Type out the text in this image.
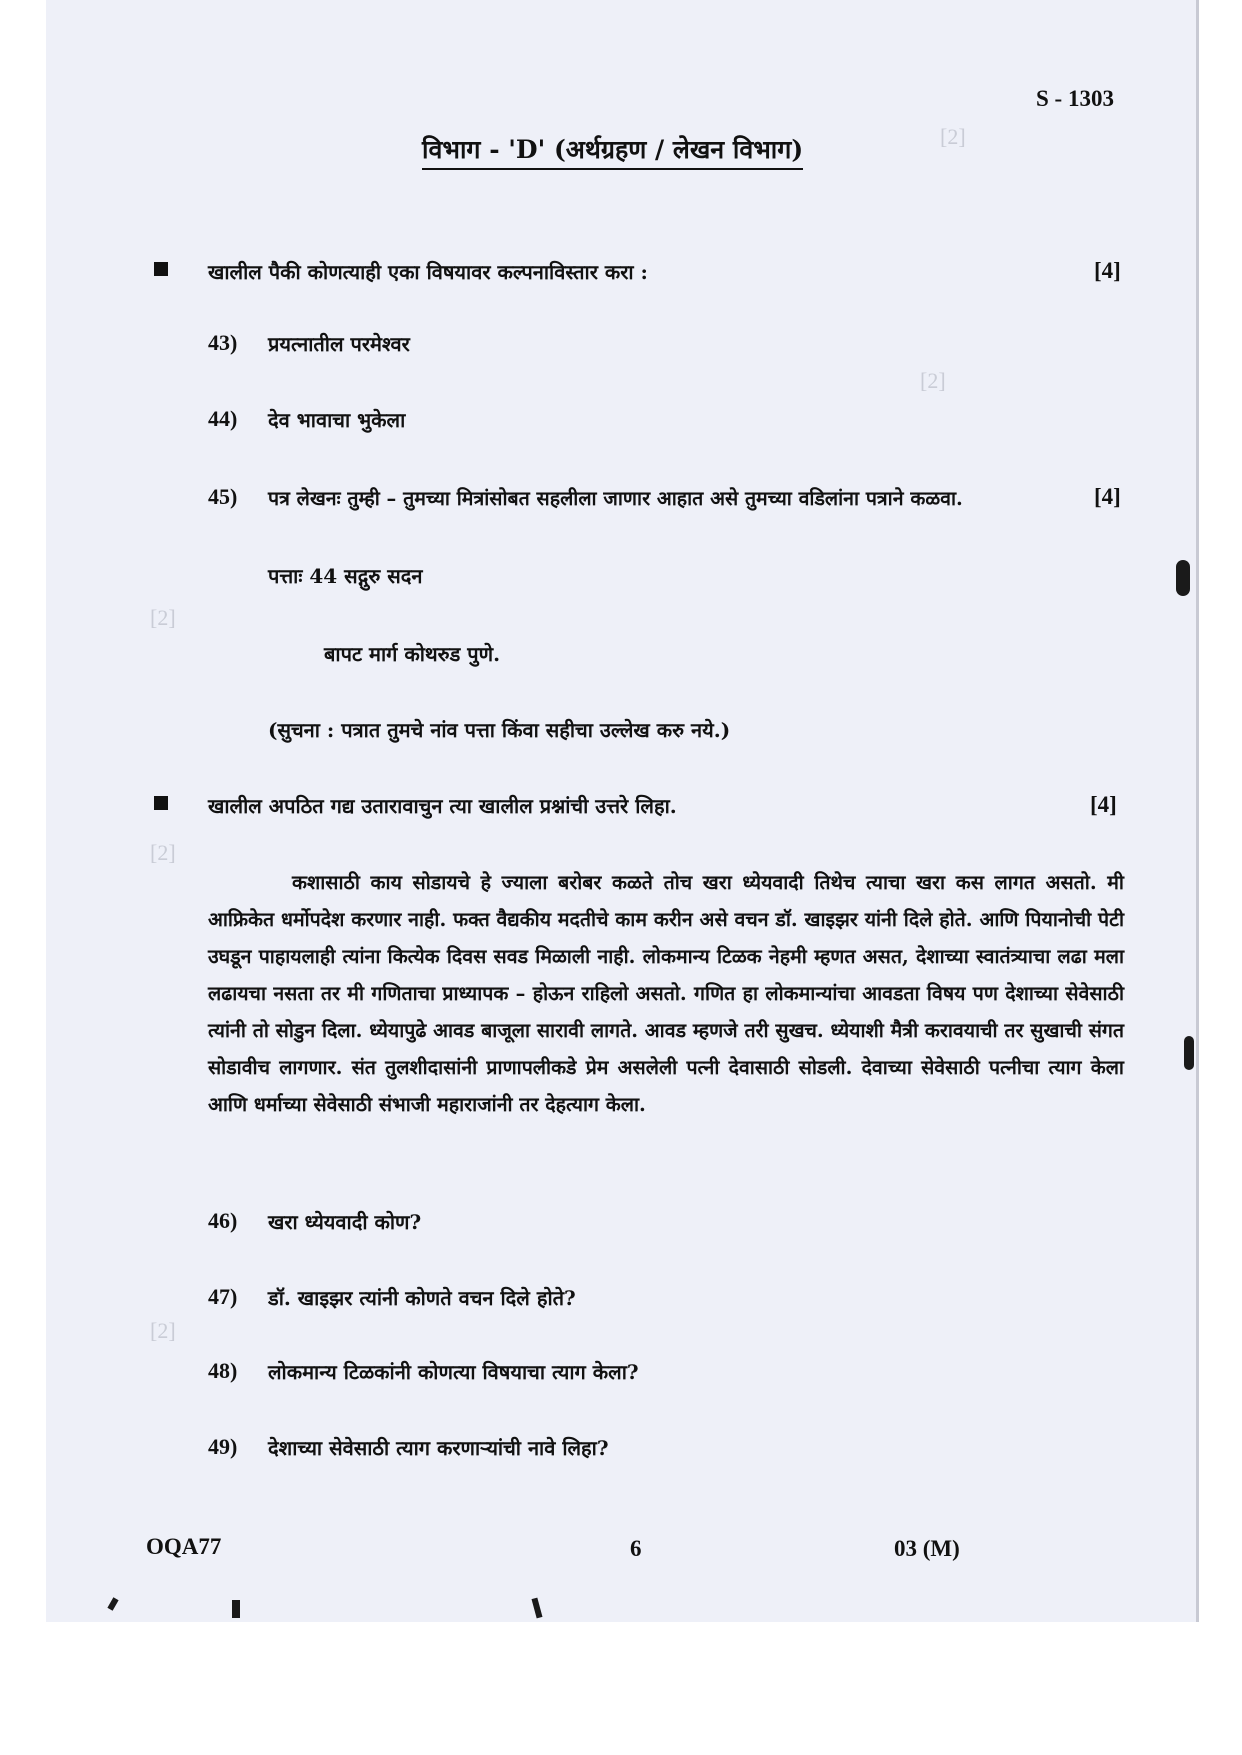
[2]
[2]
[2]
[2]
[2]
S - 1303
विभाग - 'D' (अर्थग्रहण / लेखन विभाग)
खालील पैकी कोणत्याही एका विषयावर कल्पनाविस्तार करा :	[4]
43) प्रयत्नातील परमेश्वर
44) देव भावाचा भुकेला
45) पत्र लेखनः तुम्ही – तुमच्या मित्रांसोबत सहलीला जाणार आहात असे तुमच्या वडिलांना पत्राने कळवा.	[4]
पत्ताः 44 सद्गुरु सदन
बापट मार्ग कोथरुड पुणे.
(सुचना : पत्रात तुमचे नांव पत्ता किंवा सहीचा उल्लेख करु नये.)
खालील अपठित गद्य उतारावाचुन त्या खालील प्रश्नांची उत्तरे लिहा.	[4]

कशासाठी काय सोडायचे हे ज्याला बरोबर कळते तोच खरा ध्येयवादी तिथेच त्याचा खरा कस लागत असतो. मी आफ्रिकेत धर्मोपदेश करणार नाही. फक्त वैद्यकीय मदतीचे काम करीन असे वचन डॉ. खाइझर यांनी दिले होते. आणि पियानोची पेटी उघडून पाहायलाही त्यांना कित्येक दिवस सवड मिळाली नाही. लोकमान्य टिळक नेहमी म्हणत असत, देशाच्या स्वातंत्र्याचा लढा मला लढायचा नसता तर मी गणिताचा प्राध्यापक – होऊन राहिलो असतो. गणित हा लोकमान्यांचा आवडता विषय पण देशाच्या सेवेसाठी त्यांनी तो सोडुन दिला. ध्येयापुढे आवड बाजूला सारावी लागते. आवड म्हणजे तरी सुखच. ध्येयाशी मैत्री करावयाची तर सुखाची संगत सोडावीच लागणार. संत तुलशीदासांनी प्राणापलीकडे प्रेम असलेली पत्नी देवासाठी सोडली. देवाच्या सेवेसाठी पत्नीचा त्याग केला आणि धर्माच्या सेवेसाठी संभाजी महाराजांनी तर देहत्याग केला.

46) खरा ध्येयवादी कोण?
47) डॉ. खाइझर त्यांनी कोणते वचन दिले होते?
48) लोकमान्य टिळकांनी कोणत्या विषयाचा त्याग केला?
49) देशाच्या सेवेसाठी त्याग करणाऱ्यांची नावे लिहा?
OQA77	6	03 (M)
